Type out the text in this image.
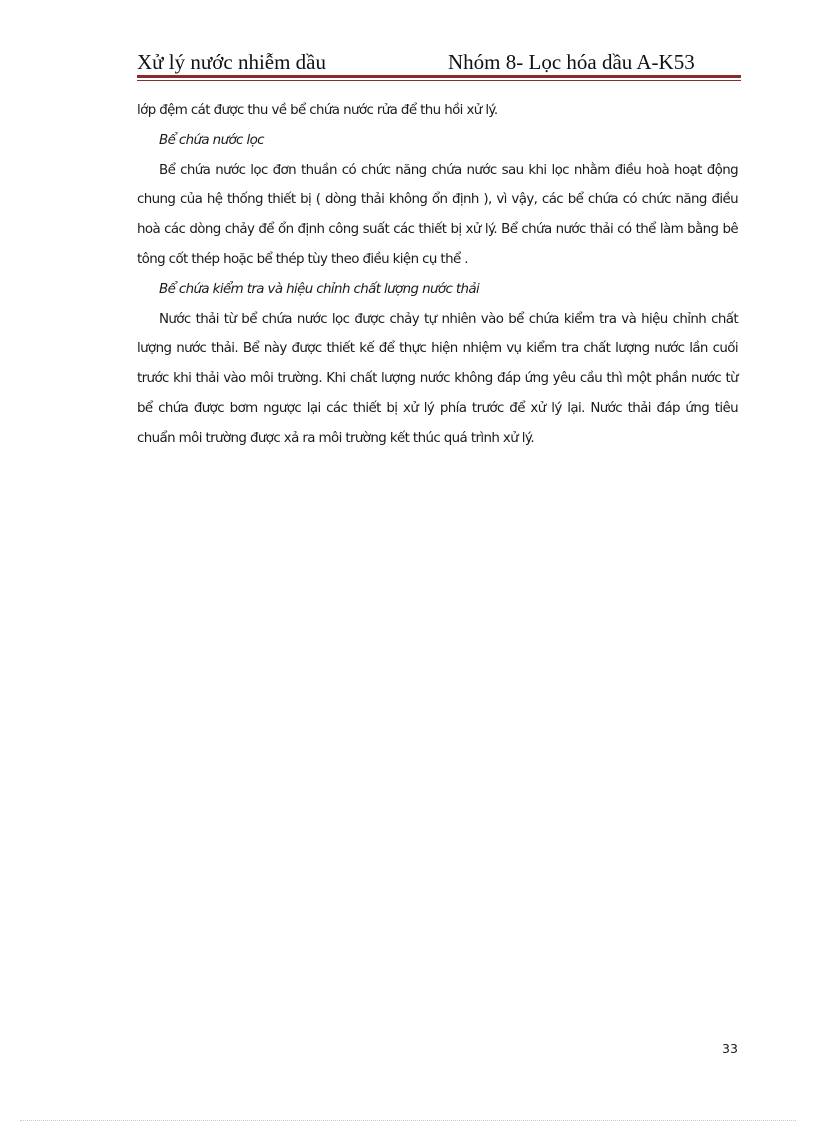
Xử lý nước nhiễm dầu	Nhóm 8- Lọc hóa dầu A-K53

lớp đệm cát được thu về bể chứa nước rửa để thu hồi xử lý.

Bể chứa nước lọc

Bể chứa nước lọc đơn thuần có chức năng chứa nước sau khi lọc nhằm điều hoà hoạt động chung của hệ thống thiết bị ( dòng thải không ổn định ), vì vậy, các bể chứa có chức năng điều hoà các dòng chảy để ổn định công suất các thiết bị xử lý. Bể chứa nước thải có thể làm bằng bê tông cốt thép hoặc bể thép tùy theo điều kiện cụ thể .

Bể chứa kiểm tra và hiệu chỉnh chất lượng nước thải

Nước thải từ bể chứa nước lọc được chảy tự nhiên vào bể chứa kiểm tra và hiệu chỉnh chất lượng nước thải. Bể này được thiết kế để thực hiện nhiệm vụ kiểm tra chất lượng nước lần cuối trước khi thải vào môi trường. Khi chất lượng nước không đáp ứng yêu cầu thì một phần nước từ bể chứa được bơm ngược lại các thiết bị xử lý phía trước để xử lý lại. Nước thải đáp ứng tiêu chuẩn môi trường được xả ra môi trường kết thúc quá trình xử lý.

33
